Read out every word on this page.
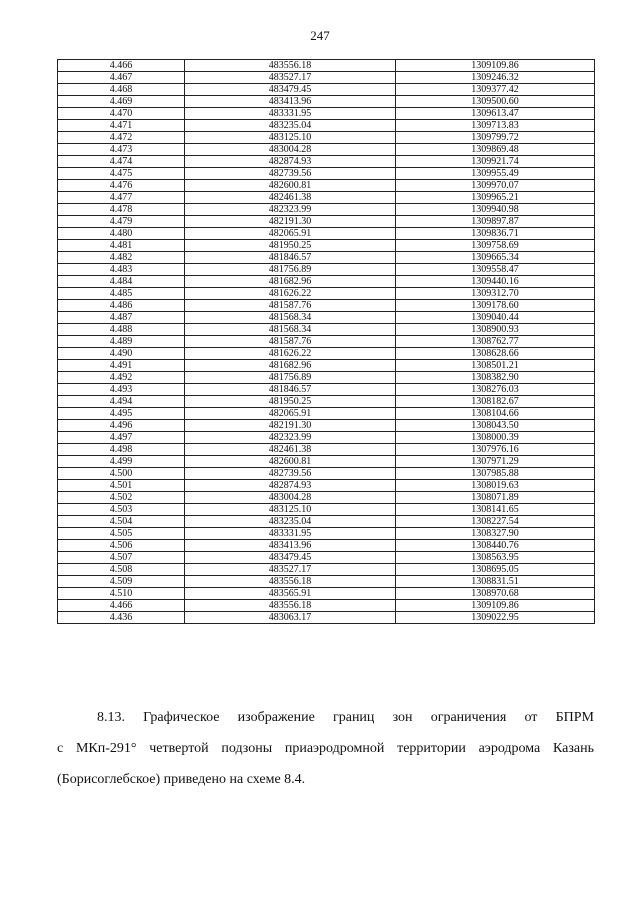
247
4.466	483556.18	1309109.86
4.467	483527.17	1309246.32
4.468	483479.45	1309377.42
4.469	483413.96	1309500.60
4.470	483331.95	1309613.47
4.471	483235.04	1309713.83
4.472	483125.10	1309799.72
4.473	483004.28	1309869.48
4.474	482874.93	1309921.74
4.475	482739.56	1309955.49
4.476	482600.81	1309970.07
4.477	482461.38	1309965.21
4.478	482323.99	1309940.98
4.479	482191.30	1309897.87
4.480	482065.91	1309836.71
4.481	481950.25	1309758.69
4.482	481846.57	1309665.34
4.483	481756.89	1309558.47
4.484	481682.96	1309440.16
4.485	481626.22	1309312.70
4.486	481587.76	1309178.60
4.487	481568.34	1309040.44
4.488	481568.34	1308900.93
4.489	481587.76	1308762.77
4.490	481626.22	1308628.66
4.491	481682.96	1308501.21
4.492	481756.89	1308382.90
4.493	481846.57	1308276.03
4.494	481950.25	1308182.67
4.495	482065.91	1308104.66
4.496	482191.30	1308043.50
4.497	482323.99	1308000.39
4.498	482461.38	1307976.16
4.499	482600.81	1307971.29
4.500	482739.56	1307985.88
4.501	482874.93	1308019.63
4.502	483004.28	1308071.89
4.503	483125.10	1308141.65
4.504	483235.04	1308227.54
4.505	483331.95	1308327.90
4.506	483413.96	1308440.76
4.507	483479.45	1308563.95
4.508	483527.17	1308695.05
4.509	483556.18	1308831.51
4.510	483565.91	1308970.68
4.466	483556.18	1309109.86
4.436	483063.17	1309022.95
8.13. Графическое изображение границ зон ограничения от БПРМ
с МКп-291° четвертой подзоны приаэродромной территории аэродрома Казань
(Борисоглебское) приведено на схеме 8.4.
